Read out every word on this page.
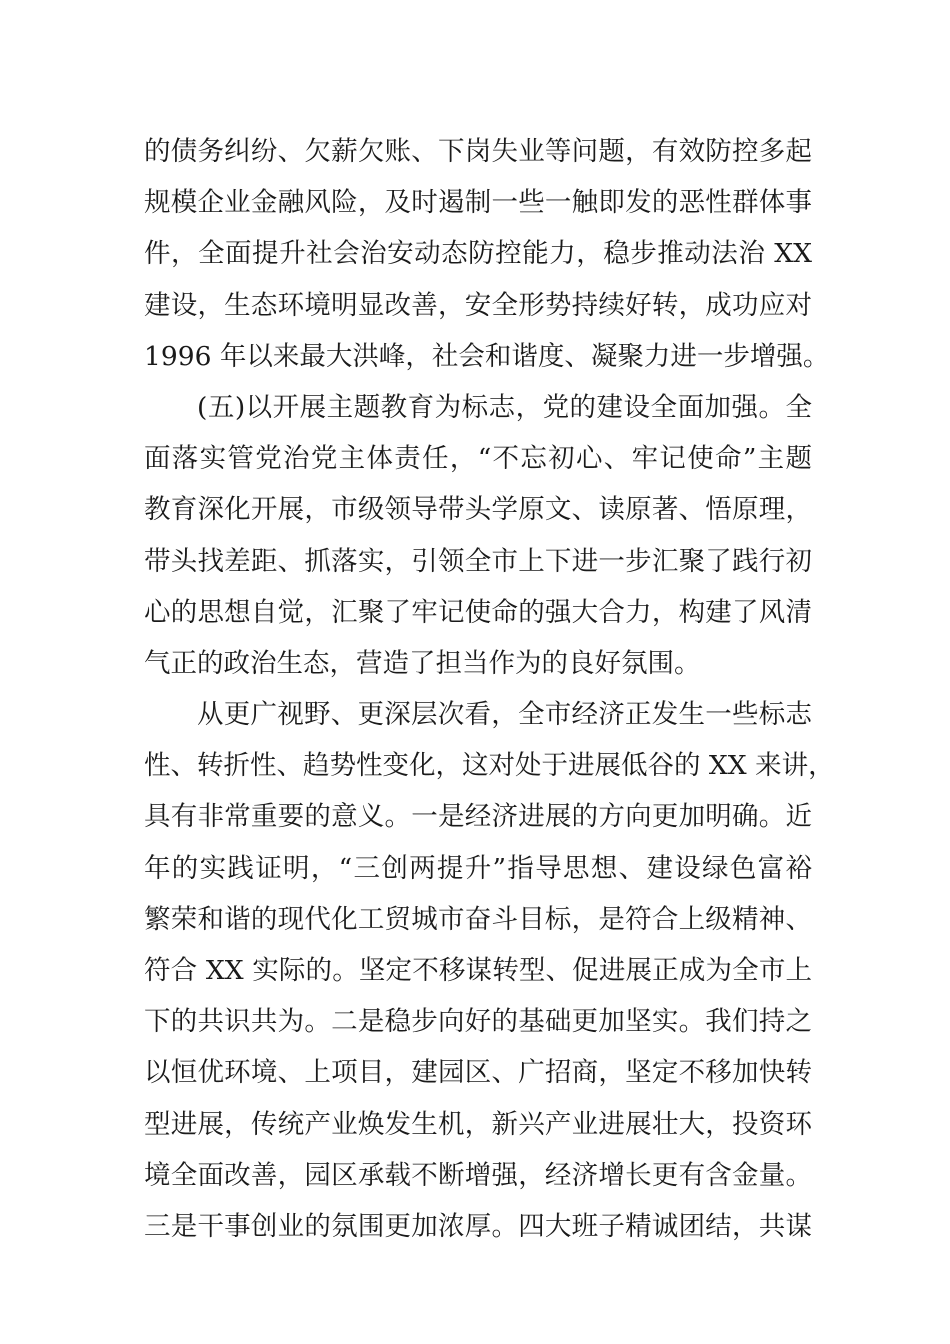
的债务纠纷、欠薪欠账、下岗失业等问题，有效防控多起
规模企业金融风险，及时遏制一些一触即发的恶性群体事
件，全面提升社会治安动态防控能力，稳步推动法治 XX
建设，生态环境明显改善，安全形势持续好转，成功应对
1996 年以来最大洪峰，社会和谐度、凝聚力进一步增强。
(五)以开展主题教育为标志，党的建设全面加强。全
面落实管党治党主体责任，“不忘初心、牢记使命”主题
教育深化开展，市级领导带头学原文、读原著、悟原理，
带头找差距、抓落实，引领全市上下进一步汇聚了践行初
心的思想自觉，汇聚了牢记使命的强大合力，构建了风清
气正的政治生态，营造了担当作为的良好氛围。
从更广视野、更深层次看，全市经济正发生一些标志
性、转折性、趋势性变化，这对处于进展低谷的 XX 来讲，
具有非常重要的意义。一是经济进展的方向更加明确。近
年的实践证明，“三创两提升”指导思想、建设绿色富裕
繁荣和谐的现代化工贸城市奋斗目标，是符合上级精神、
符合 XX 实际的。坚定不移谋转型、促进展正成为全市上
下的共识共为。二是稳步向好的基础更加坚实。我们持之
以恒优环境、上项目，建园区、广招商，坚定不移加快转
型进展，传统产业焕发生机，新兴产业进展壮大，投资环
境全面改善，园区承载不断增强，经济增长更有含金量。
三是干事创业的氛围更加浓厚。四大班子精诚团结，共谋
